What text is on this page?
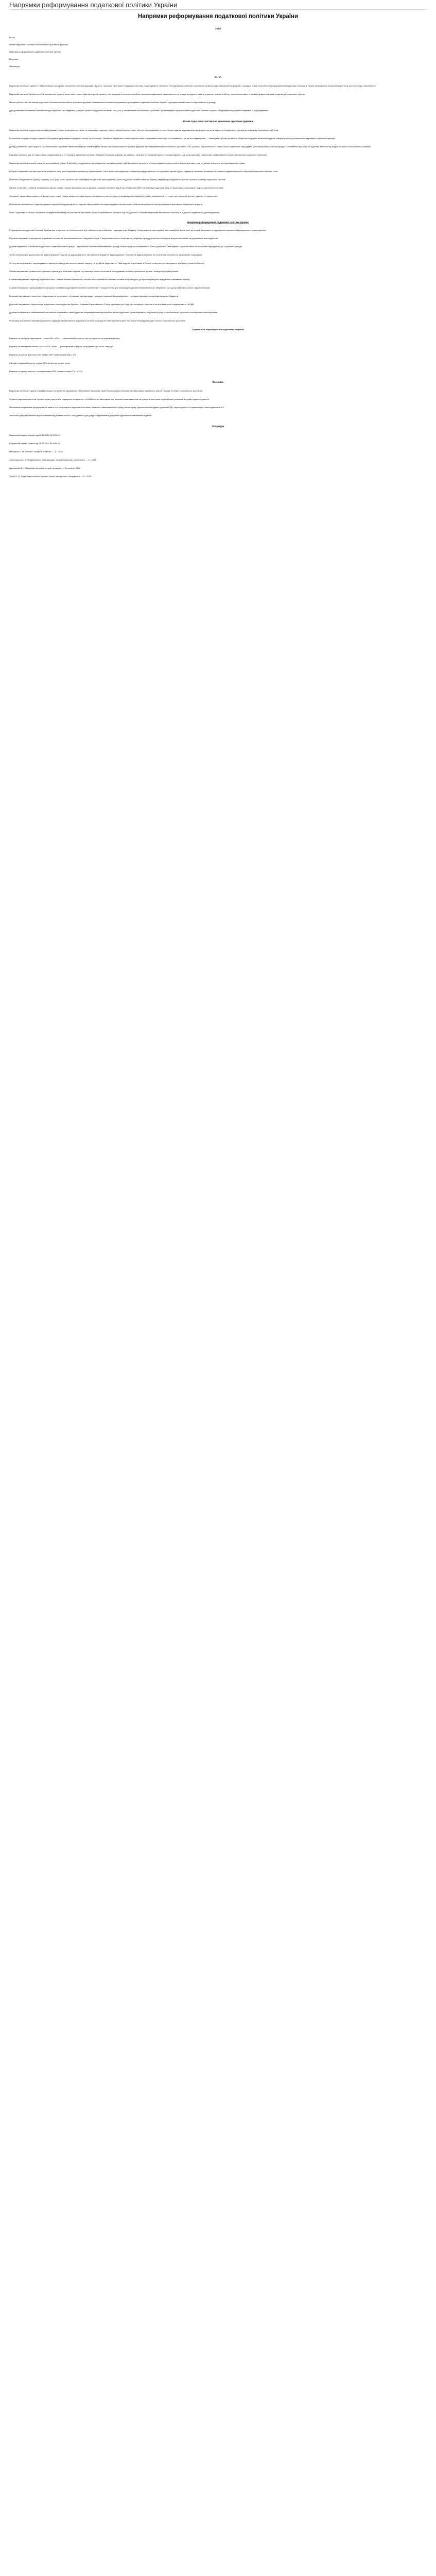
Напрямки реформування податкової політики України
Напрямки реформування податкової політики України
Зміст
Вступ
Вплив податкової політики на економічне зростання держави
Напрямки реформування податкової політики України
Висновки
Література
Вступ
Податкова політика є однією з найважливіших складових економічної політики держави. Від того, наскільки ефективно побудовано систему оподаткування, залежить стан державних фінансів, можливості розвитку підприємництва та добробут громадян. Саме тому питання реформування податкової політики в Україні залишається актуальним протягом усього періоду незалежності.
Податкова система України постійно змінюється, однак ці зміни часто мають фрагментарний характер і не вирішують ключових проблем: високого податкового навантаження на працю, складності адміністрування, значного обсягу тіньової економіки та низької довіри платників податків до фіскальних органів.
Метою роботи є аналіз впливу податкової політики на економічне зростання держави та визначення основних напрямків реформування податкової політики України з урахуванням світового та європейського досвіду.
Для досягнення поставленої мети необхідно вирішити такі завдання: розкрити сутність податкової політики та її роль у забезпеченні економічного зростання; проаналізувати сучасний стан податкової системи України; обґрунтувати пріоритетні напрямки її реформування.
Вплив податкової політики на економічне зростання держави
Податкова політика є сукупністю заходів держави у сфері встановлення, зміни та скасування податків і зборів, визначення їх ставок, об'єктів оподаткування та пільг. Через податки держава формує дохідну частину бюджету та одночасно впливає на поведінку економічних суб'єктів.
Економічна теорія розглядає податки як інструмент регулювання сукупного попиту та пропозиції. Зниження податкового навантаження може стимулювати інвестиції та споживання, тоді як його підвищення — обмежувати ділову активність. Водночас надмірне зниження податків створює ризики для виконання державою соціальних функцій.
Досвід розвинених країн свідчить, що оптимальне податкове навантаження має забезпечувати баланс між фіскальними потребами держави та стимулюванням економічного зростання. Так, у країнах Європейського Союзу частка податкових надходжень у валовому внутрішньому продукті коливається від 20 до 45 відсотків залежно від моделі соціально-економічного розвитку.
Важливе значення має не лише рівень оподаткування, а й структура податкової системи. Перевага непрямих податків, як правило, посилює регресивний характер оподаткування, тоді як прогресивне прибуткове оподаткування сприяє зменшенню соціальної нерівності.
Податкова політика впливає також на інвестиційний клімат. Стабільність податкового законодавства, передбачуваність дій фіскальних органів та простота адміністрування часто мають для інвесторів не менше значення, ніж самі податкові ставки.
В Україні податкова політика протягом тривалого часу мала переважно фіскальну спрямованість. Часті зміни законодавства, складні процедури звітності та корупційні ризики під час перевірок негативно впливали на розвиток підприємництва та сприяли поширенню тіньових схем.
Прийняття Податкового кодексу України у 2010 році стало спробою систематизувати податкове законодавство. Проте подальші численні зміни до кодексу свідчать про відсутність цілісної стратегії розвитку податкової системи.
Однією з ключових проблем залишається висока частка тіньової економіки, яка за різними оцінками становить від 30 до 40 відсотків ВВП. Це зменшує податкову базу та перекладає податковий тягар на сумлінних платників.
Значним є також навантаження на фонд оплати праці. Попри зниження ставки єдиного соціального внеску, сукупне оподаткування заробітної плати залишається суттєвим, що стимулює виплату зарплат «у конвертах».
Проблемою залишається і адміністрування податку на додану вартість, зокрема своєчасність його відшкодування експортерам, а також використання схем формування фіктивного податкового кредиту.
Отже, податкова політика є потужним інструментом впливу на економічне зростання, однак її ефективність залежить від узгодженості з іншими напрямами економічної політики та від якості податкового адміністрування.
Напрямки реформування податкової політики України
Реформування податкової політики України має спиратися на чітко визначені цілі: забезпечення стабільних надходжень до бюджету, стимулювання інвестиційної та інноваційної активності, детінізації економіки та підвищення соціальної справедливості оподаткування.
Першим напрямком є спрощення податкової системи та зменшення кількості податків і зборів. Скорочення кількості платежів та уніфікація процедур звітності знижують витрати платників на дотримання законодавства.
Другим напрямком є зниження податкового навантаження на працю. Перенесення частини навантаження з фонду оплати праці на споживання та майно дозволить легалізувати заробітні плати та збільшити надходження до соціальних фондів.
Третім напрямком є вдосконалення адміністрування податку на додану вартість: автоматичне бюджетне відшкодування, електронне адміністрування та посилення контролю за ризиковими операціями.
Четвертим напрямком є запровадження податку на виведений капітал замість податку на прибуток підприємств. Така модель, апробована в Естонії, стимулює реінвестування прибутку в розвиток бізнесу.
П'ятим напрямком є розвиток електронних сервісів для платників податків, що зменшує кількість контактів з посадовими особами фіскальних органів і знижує корупційні ризики.
Шостим напрямком є перегляд податкових пільг. Значна частина чинних пільг не має чітко визначеної економічної мети та призводить до втрат бюджету без відчутного позитивного ефекту.
Сьомим напрямком є реформування спрощеної системи оподаткування з метою запобігання її використанню для мінімізації податків великим бізнесом, зберігаючи при цьому підтримку малого підприємництва.
Восьмим напрямком є посилення оподаткування нерухомості та розкоші, що відповідає принципу соціальної справедливості та сприяє формуванню доходів місцевих бюджетів.
Дев'ятим напрямком є гармонізація податкового законодавства України з нормами Європейського Союзу відповідно до Угоди про асоціацію, зокрема в частині акцизного оподаткування та ПДВ.
Десятим напрямком є забезпечення стабільності податкового законодавства: запровадження мораторію на зміни податкових правил протягом бюджетного року та обов'язкового публічного обговорення законопроектів.
Реалізація зазначених напрямків дозволить підвищити ефективність податкової системи, покращити інвестиційний клімат та створити передумови для сталого економічного зростання.
Порівняльна характеристика податкових моделей
Податок на прибуток підприємств: ставка 18%, об'єкт — фінансовий результат, що коригується на податкові різниці.
Податок на виведений капітал: ставка 20%, об'єкт — розподілений прибуток та прирівняні до нього операції.
Податок на доходи фізичних осіб: ставка 18% та військовий збір 1,5%.
Єдиний соціальний внесок: ставка 22% від фонду оплати праці.
Податок на додану вартість: основна ставка 20%, знижені ставки 7% та 14%.
Висновки
Податкова політика є одним з найважливіших інструментів державного регулювання економіки, який безпосередньо впливає на інвестиційну активність, рівень тінізації та темпи економічного зростання.
Сучасна податкова система України характеризується надмірною складністю, нестабільністю законодавства, високим навантаженням на працю та значними корупційними ризиками в процесі адміністрування.
Основними напрямками реформування мають стати спрощення податкової системи, зниження навантаження на фонд оплати праці, вдосконалення адміністрування ПДВ, перегляд пільг та гармонізація з законодавством ЄС.
Успішність реформ значною мірою залежить від політичної волі, послідовності дій уряду та відновлення довіри між державою і платниками податків.
Література
Податковий кодекс України від 02.12.2010 № 2755-VI.
Бюджетний кодекс України від 08.07.2010 № 2456-VI.
Іваницька О. М. Фінанси: теорія та практика. — К., 2018.
Соколовська А. М. Податкова система держави: теорія і практика становлення. — К., 2014.
Крисоватий А. І. Податкова політика: теорія і практика. — Тернопіль, 2016.
Тулуш Л. Д. Податкова політика України: теорія, методологія, інструменти. — К., 2010.
